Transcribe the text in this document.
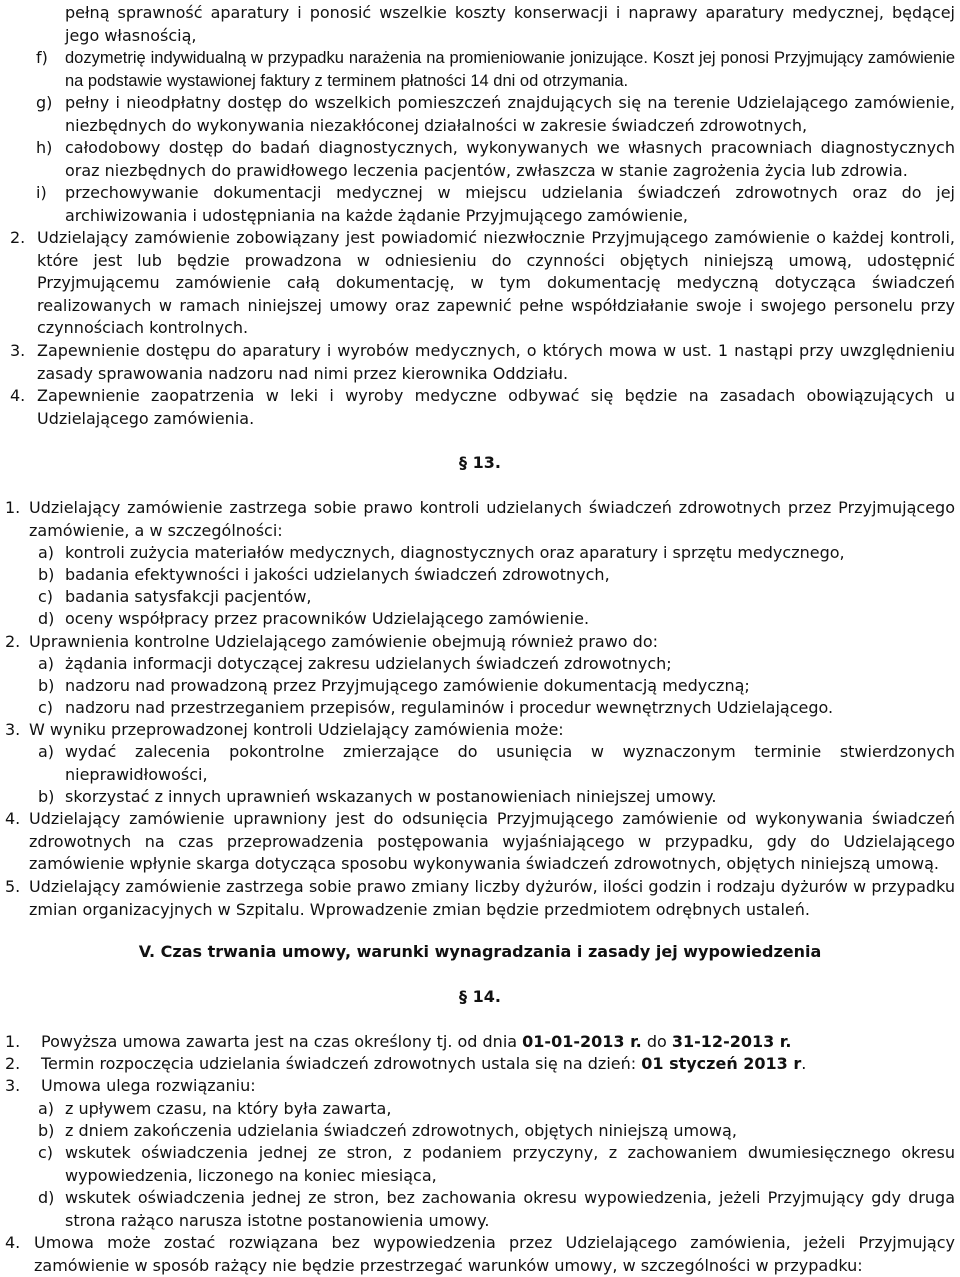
pełną sprawność aparatury i ponosić wszelkie koszty konserwacji i naprawy aparatury medycznej, będącej jego własnością,
f) dozymetrię indywidualną w przypadku narażenia na promieniowanie jonizujące. Koszt jej ponosi Przyjmujący zamówienie na podstawie wystawionej faktury z terminem płatności 14 dni od otrzymania.
g) pełny i nieodpłatny dostęp do wszelkich pomieszczeń znajdujących się na terenie Udzielającego zamówienie, niezbędnych do wykonywania niezakłóconej działalności w zakresie świadczeń zdrowotnych,
h) całodobowy dostęp do badań diagnostycznych, wykonywanych we własnych pracowniach diagnostycznych oraz niezbędnych do prawidłowego leczenia pacjentów, zwłaszcza w stanie zagrożenia życia lub zdrowia.
i) przechowywanie dokumentacji medycznej w miejscu udzielania świadczeń zdrowotnych oraz do jej archiwizowania i udostępniania na każde żądanie Przyjmującego zamówienie,
2. Udzielający zamówienie zobowiązany jest powiadomić niezwłocznie Przyjmującego zamówienie o każdej kontroli, które jest lub będzie prowadzona w odniesieniu do czynności objętych niniejszą umową, udostępnić Przyjmującemu zamówienie całą dokumentację, w tym dokumentację medyczną dotycząca świadczeń realizowanych w ramach niniejszej umowy oraz zapewnić pełne współdziałanie swoje i swojego personelu przy czynnościach kontrolnych.
3. Zapewnienie dostępu do aparatury i wyrobów medycznych, o których mowa w ust. 1 nastąpi przy uwzględnieniu zasady sprawowania nadzoru nad nimi przez kierownika Oddziału.
4. Zapewnienie zaopatrzenia w leki i wyroby medyczne odbywać się będzie na zasadach obowiązujących u Udzielającego zamówienia.
§ 13.
1. Udzielający zamówienie zastrzega sobie prawo kontroli udzielanych świadczeń zdrowotnych przez Przyjmującego zamówienie, a w szczególności:
a) kontroli zużycia materiałów medycznych, diagnostycznych oraz aparatury i sprzętu medycznego,
b) badania efektywności i jakości udzielanych świadczeń zdrowotnych,
c) badania satysfakcji pacjentów,
d) oceny współpracy przez pracowników Udzielającego zamówienie.
2. Uprawnienia kontrolne Udzielającego zamówienie obejmują również prawo do:
a) żądania informacji dotyczącej zakresu udzielanych świadczeń zdrowotnych;
b) nadzoru nad prowadzoną przez Przyjmującego zamówienie dokumentacją medyczną;
c) nadzoru nad przestrzeganiem przepisów, regulaminów i procedur wewnętrznych Udzielającego.
3. W wyniku przeprowadzonej kontroli Udzielający zamówienia może:
a) wydać zalecenia pokontrolne zmierzające do usunięcia w wyznaczonym terminie stwierdzonych nieprawidłowości,
b) skorzystać z innych uprawnień wskazanych w postanowieniach niniejszej umowy.
4. Udzielający zamówienie uprawniony jest do odsunięcia Przyjmującego zamówienie od wykonywania świadczeń zdrowotnych na czas przeprowadzenia postępowania wyjaśniającego w przypadku, gdy do Udzielającego zamówienie wpłynie skarga dotycząca sposobu wykonywania świadczeń zdrowotnych, objętych niniejszą umową.
5. Udzielający zamówienie zastrzega sobie prawo zmiany liczby dyżurów, ilości godzin i rodzaju dyżurów w przypadku zmian organizacyjnych w Szpitalu. Wprowadzenie zmian będzie przedmiotem odrębnych ustaleń.
V. Czas trwania umowy, warunki wynagradzania i zasady jej wypowiedzenia
§ 14.
1. Powyższa umowa zawarta jest na czas określony tj. od dnia 01-01-2013 r. do 31-12-2013 r.
2. Termin rozpoczęcia udzielania świadczeń zdrowotnych ustala się na dzień: 01 styczeń 2013 r.
3. Umowa ulega rozwiązaniu:
a) z upływem czasu, na który była zawarta,
b) z dniem zakończenia udzielania świadczeń zdrowotnych, objętych niniejszą umową,
c) wskutek oświadczenia jednej ze stron, z podaniem przyczyny, z zachowaniem dwumiesięcznego okresu wypowiedzenia, liczonego na koniec miesiąca,
d) wskutek oświadczenia jednej ze stron, bez zachowania okresu wypowiedzenia, jeżeli Przyjmujący gdy druga strona rażąco narusza istotne postanowienia umowy.
4. Umowa może zostać rozwiązana bez wypowiedzenia przez Udzielającego zamówienia, jeżeli Przyjmujący zamówienie w sposób rażący nie będzie przestrzegać warunków umowy, w szczególności w przypadku:
